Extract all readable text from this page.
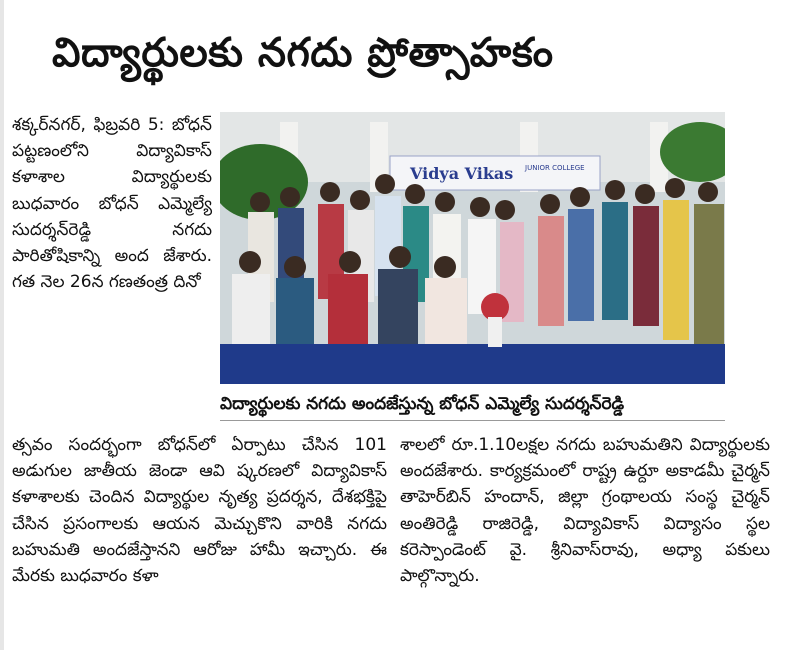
విద్యార్థులకు నగదు ప్రోత్సాహకం

శక్కర్‌నగర్, ఫిబ్రవరి 5: బోధన్ పట్టణంలోని విద్యావికాస్ కళాశాల విద్యార్థులకు బుధవారం బోధన్ ఎమ్మెల్యే సుదర్శన్‌రెడ్డి నగదు పారితోషికాన్ని అంద జేశారు. గత నెల 26న గణతంత్ర దినో

Vidya Vikas JUNIOR COLLEGE
విద్యార్థులకు నగదు అందజేస్తున్న బోధన్ ఎమ్మెల్యే సుదర్శన్‌రెడ్డి

త్సవం సందర్భంగా బోధన్‌లో ఏర్పాటు చేసిన 101 అడుగుల జాతీయ జెండా ఆవి ష్కరణలో విద్యావికాస్ కళాశాలకు చెందిన విద్యార్థుల నృత్య ప్రదర్శన, దేశభక్తిపై చేసిన ప్రసంగాలకు ఆయన మెచ్చుకొని వారికి నగదు బహుమతి అందజేస్తానని ఆరోజు హామీ ఇచ్చారు. ఈ మేరకు బుధవారం కళా

శాలలో రూ.1.10లక్షల నగదు బహుమతిని విద్యార్థులకు అందజేశారు. కార్యక్రమంలో రాష్ట్ర ఉర్దూ అకాడమీ చైర్మన్ తాహెర్‌బిన్ హందాన్, జిల్లా గ్రంథాలయ సంస్థ చైర్మన్ అంతిరెడ్డి రాజిరెడ్డి, విద్యావికాస్ విద్యాసం స్థల కరెస్పాండెంట్ వై. శ్రీనివాస్‌రావు, అధ్యా పకులు పాల్గొన్నారు.
